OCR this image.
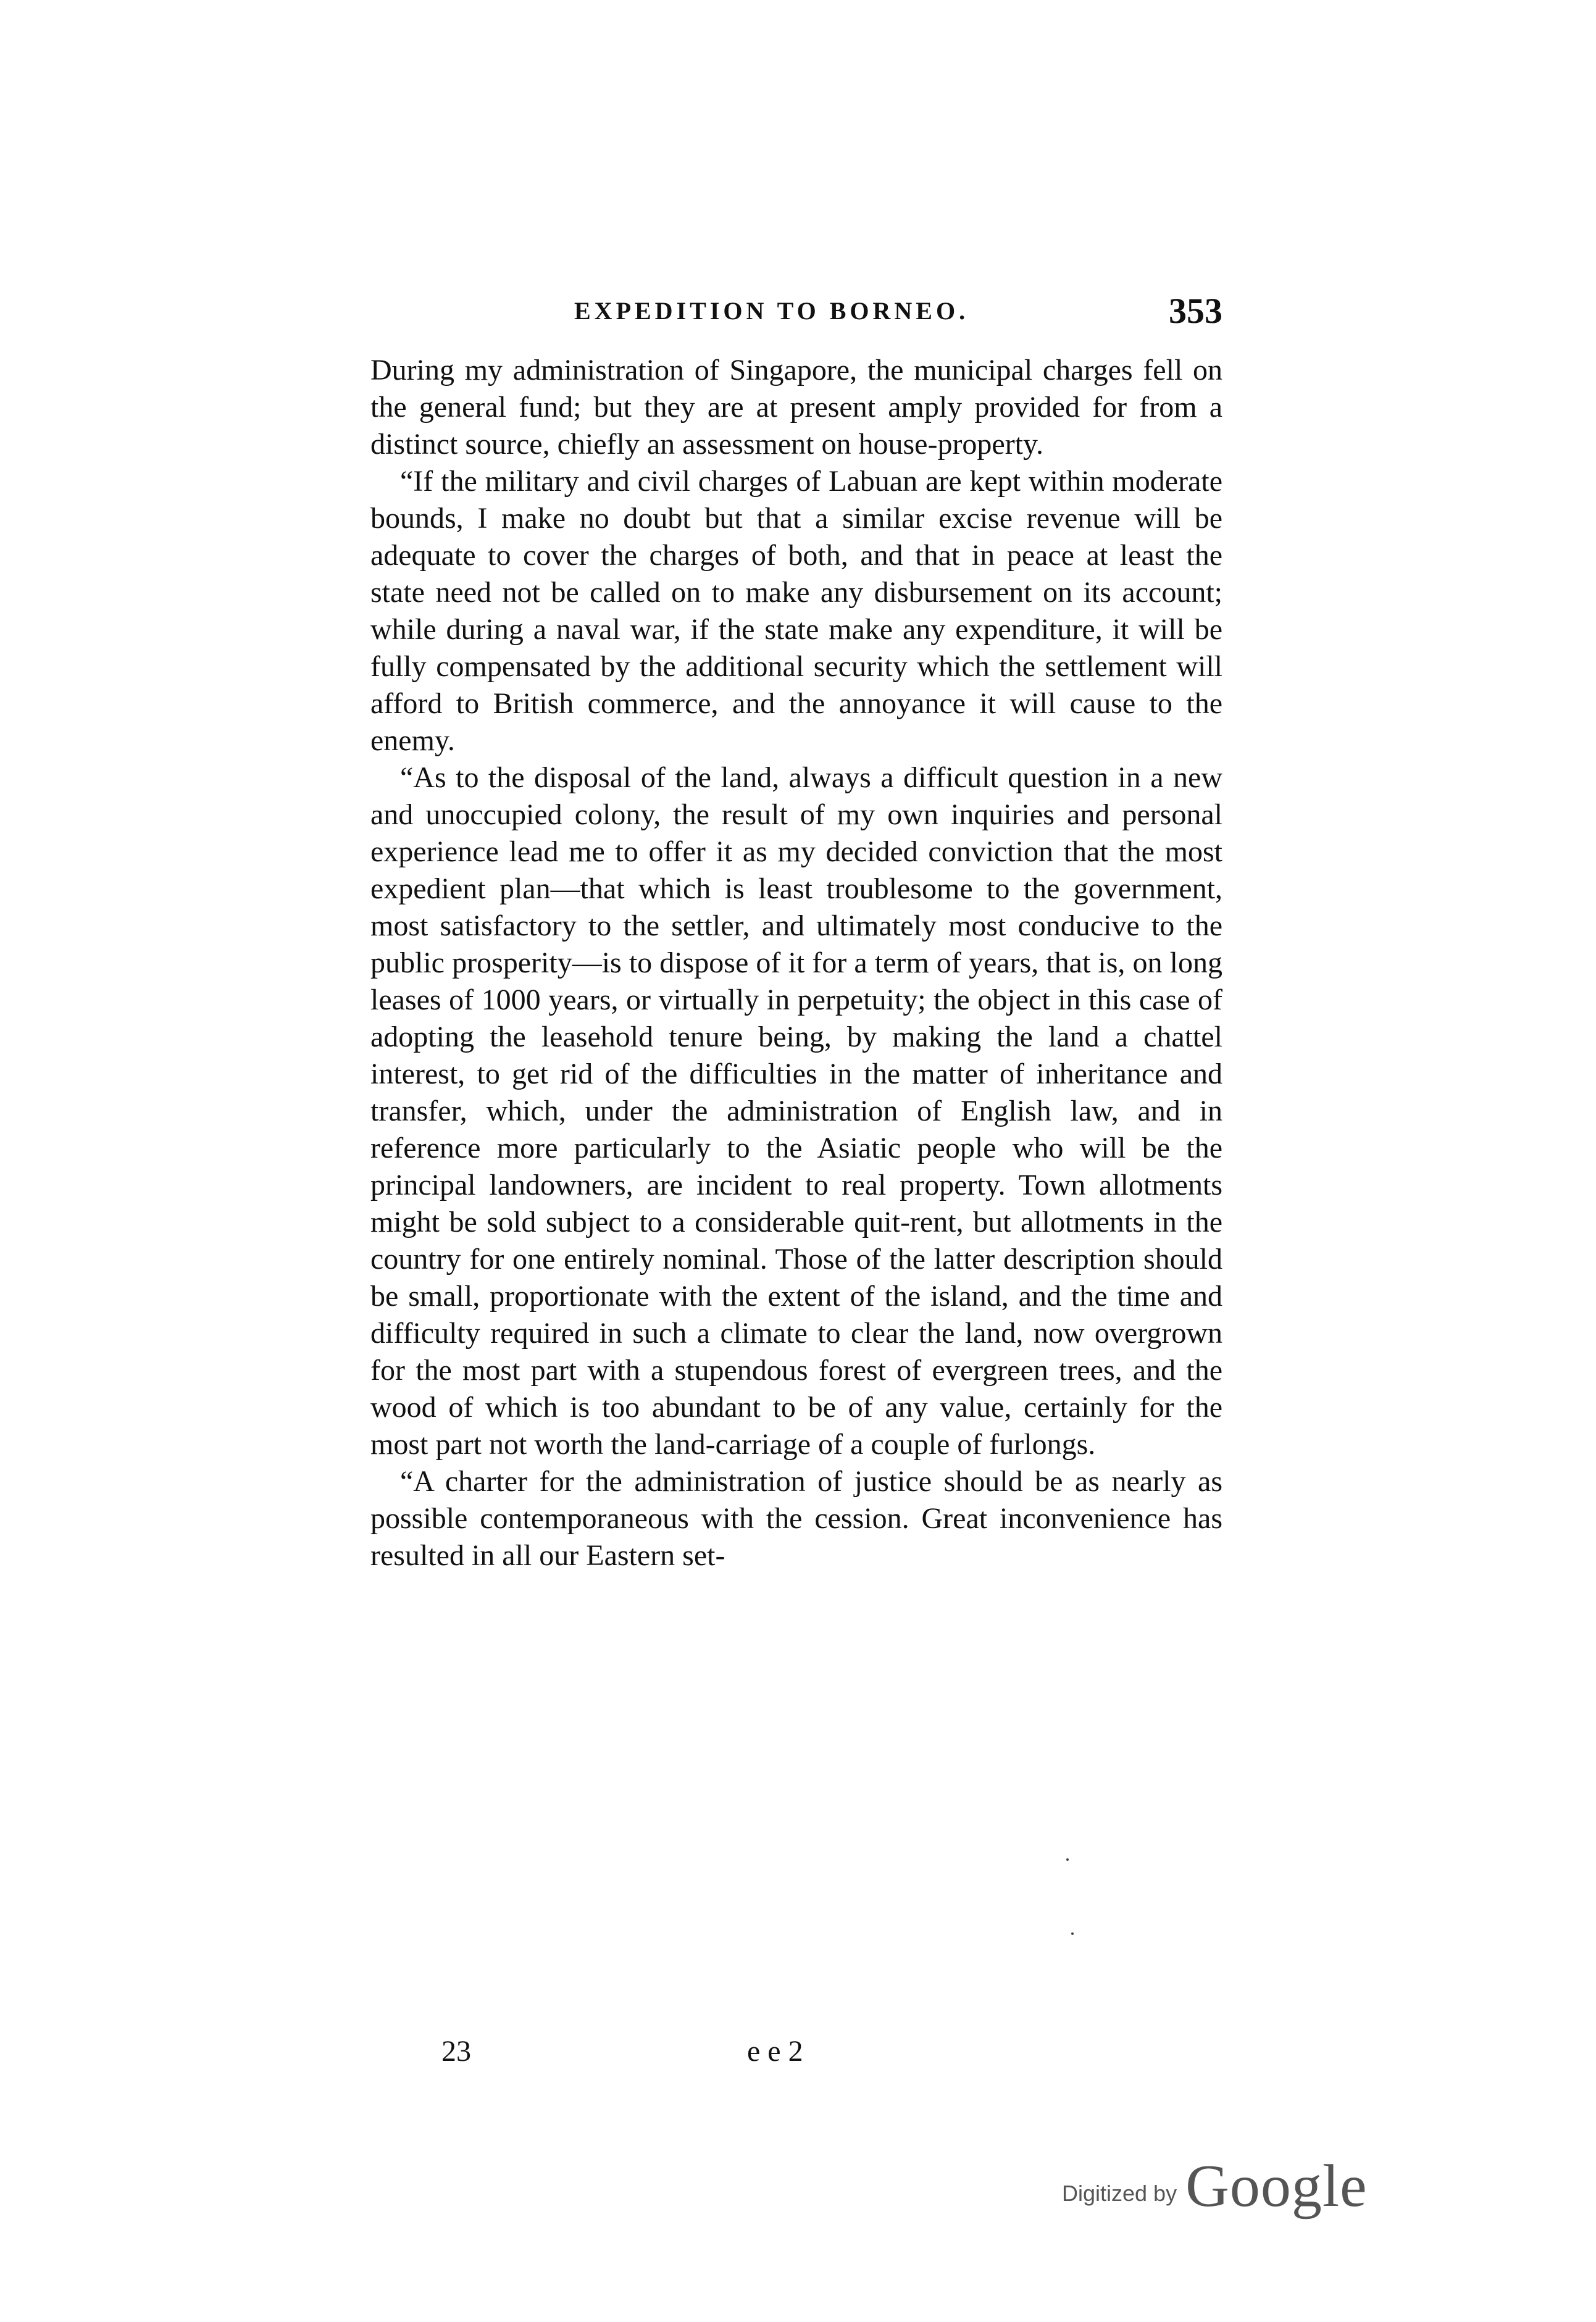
EXPEDITION TO BORNEO.	353

During my administration of Singapore, the municipal charges fell on the general fund; but they are at present amply provided for from a distinct source, chiefly an assessment on house-property.

“If the military and civil charges of Labuan are kept within moderate bounds, I make no doubt but that a similar excise revenue will be adequate to cover the charges of both, and that in peace at least the state need not be called on to make any disbursement on its account; while during a naval war, if the state make any expenditure, it will be fully compensated by the additional security which the settlement will afford to British commerce, and the annoyance it will cause to the enemy.

“As to the disposal of the land, always a difficult question in a new and unoccupied colony, the result of my own inquiries and personal experience lead me to offer it as my decided conviction that the most expedient plan—that which is least troublesome to the government, most satisfactory to the settler, and ultimately most conducive to the public prosperity—is to dispose of it for a term of years, that is, on long leases of 1000 years, or virtually in perpetuity; the object in this case of adopting the leasehold tenure being, by making the land a chattel interest, to get rid of the difficulties in the matter of inheritance and transfer, which, under the administration of English law, and in reference more particularly to the Asiatic people who will be the principal landowners, are incident to real property. Town allotments might be sold subject to a considerable quit-rent, but allotments in the country for one entirely nominal. Those of the latter description should be small, proportionate with the extent of the island, and the time and difficulty required in such a climate to clear the land, now overgrown for the most part with a stupendous forest of evergreen trees, and the wood of which is too abundant to be of any value, certainly for the most part not worth the land-carriage of a couple of furlongs.

“A charter for the administration of justice should be as nearly as possible contemporaneous with the cession. Great inconvenience has resulted in all our Eastern set-

23	e e 2
Digitized by Google
